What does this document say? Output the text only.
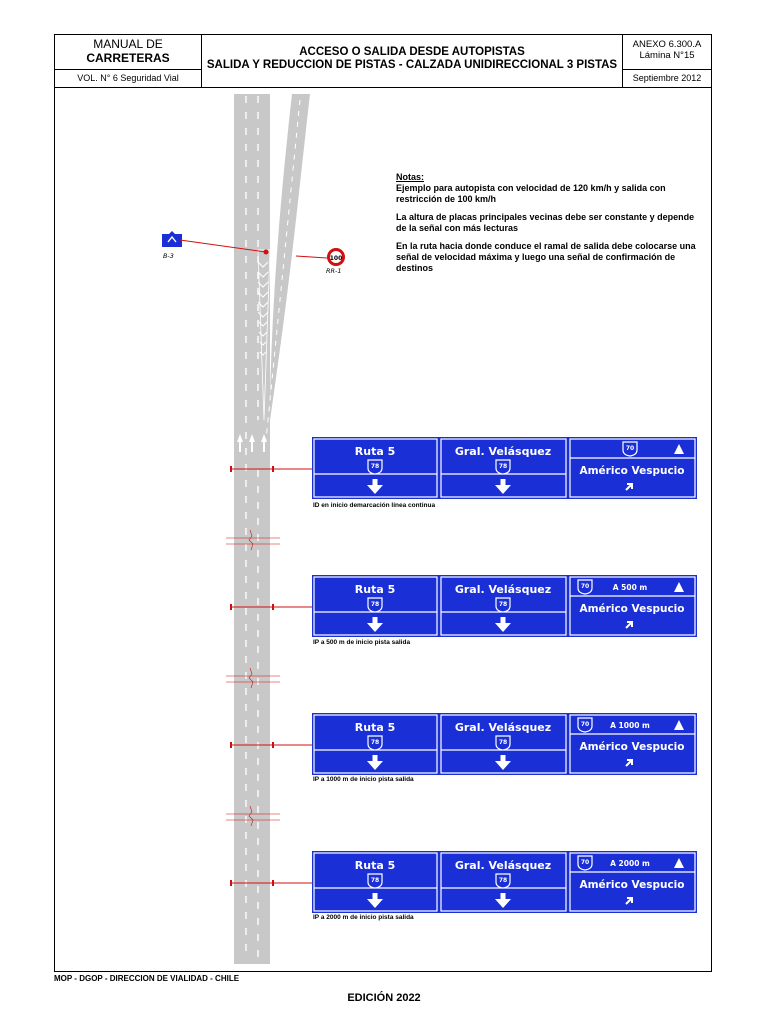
MANUAL DE
CARRETERAS
VOL. N° 6 Seguridad Vial
ACCESO O SALIDA DESDE AUTOPISTAS
SALIDA Y REDUCCION DE PISTAS - CALZADA UNIDIRECCIONAL 3 PISTAS
ANEXO 6.300.A
Lámina N°15
Septiembre 2012
B-3	100
RR-1
Ruta 5
78
Gral. Velásquez
78
70
Américo Vespucio
Ruta 5
78
Gral. Velásquez
78
70	A 500 m
Américo Vespucio
Ruta 5
78
Gral. Velásquez
78
70	A 1000 m
Américo Vespucio
Ruta 5
78
Gral. Velásquez
78
70	A 2000 m
Américo Vespucio

Notas:

Ejemplo para autopista con velocidad de 120 km/h y salida con restricción de 100 km/h

La altura de placas principales vecinas debe ser constante y depende de la señal con más lecturas

En la ruta hacia donde conduce el ramal de salida debe colocarse una señal de velocidad máxima y luego una señal de confirmación de destinos

ID en inicio demarcación línea continua
IP a 500 m de inicio pista salida
IP a 1000 m de inicio pista salida
IP a 2000 m de inicio pista salida
MOP - DGOP - DIRECCION DE VIALIDAD - CHILE
EDICIÓN 2022
